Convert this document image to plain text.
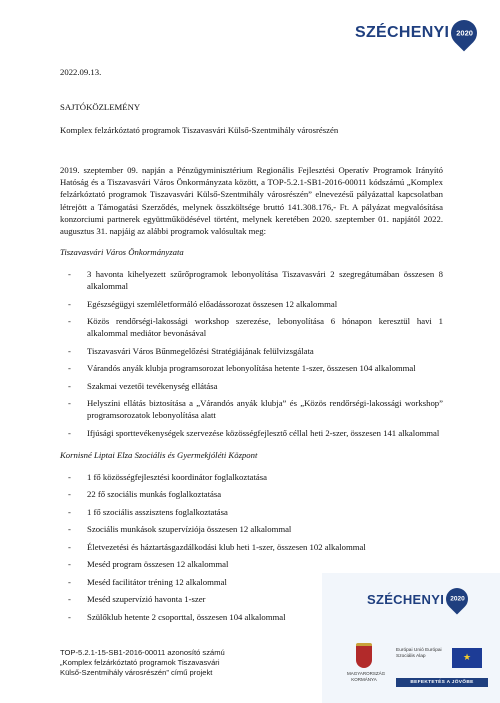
SZÉCHENYI 2020
2022.09.13.
SAJTÓKÖZLEMÉNY
Komplex felzárkóztató programok Tiszavasvári Külső-Szentmihály városrészén
2019. szeptember 09. napján a Pénzügyminisztérium Regionális Fejlesztési Operatív Programok Irányító Hatóság és a Tiszavasvári Város Önkormányzata között, a TOP-5.2.1-SB1-2016-00011 kódszámú „Komplex felzárkóztató programok Tiszavasvári Külső-Szentmihály városrészén” elnevezésű pályázattal kapcsolatban létrejött a Támogatási Szerződés, melynek összköltsége bruttó 141.308.176,- Ft. A pályázat megvalósítása konzorciumi partnerek együttműködésével történt, melynek keretében 2020. szeptember 01. napjától 2022. augusztus 31. napjáig az alábbi programok valósultak meg:
Tiszavasvári Város Önkormányzata
- 3 havonta kihelyezett szűrőprogramok lebonyolítása Tiszavasvári 2 szegregátumában összesen 8 alkalommal
- Egészségügyi szemléletformáló előadássorozat összesen 12 alkalommal
- Közös rendőrségi-lakossági workshop szerezése, lebonyolítása 6 hónapon keresztül havi 1 alkalommal mediátor bevonásával
- Tiszavasvári Város Bűnmegelőzési Stratégiájának felülvizsgálata
- Várandós anyák klubja programsorozat lebonyolítása hetente 1-szer, összesen 104 alkalommal
- Szakmai vezetői tevékenység ellátása
- Helyszíni ellátás biztosítása a „Várandós anyák klubja” és „Közös rendőrségi-lakossági workshop” programsorozatok lebonyolítása alatt
- Ifjúsági sporttevékenységek szervezése közösségfejlesztő céllal heti 2-szer, összesen 141 alkalommal
Kornisné Liptai Elza Szociális és Gyermekjóléti Központ
- 1 fő közösségfejlesztési koordinátor foglalkoztatása
- 22 fő szociális munkás foglalkoztatása
- 1 fő szociális asszisztens foglalkoztatása
- Szociális munkások szupervíziója összesen 12 alkalommal
- Életvezetési és háztartásgazdálkodási klub heti 1-szer, összesen 102 alkalommal
- Meséd program összesen 12 alkalommal
- Meséd facilitátor tréning 12 alkalommal
- Meséd szupervízió havonta 1-szer
- Szülőklub hetente 2 csoporttal, összesen 104 alkalommal
TOP-5.2.1-15-SB1-2016-00011 azonosító számú „Komplex felzárkóztató programok Tiszavasvári Külső-Szentmihály városrészén” című projekt
SZÉCHENYI 2020
MAGYARORSZÁG KORMÁNYA
Európai Unió Európai Szociális Alap	★
BEFEKTETÉS A JÖVŐBE
